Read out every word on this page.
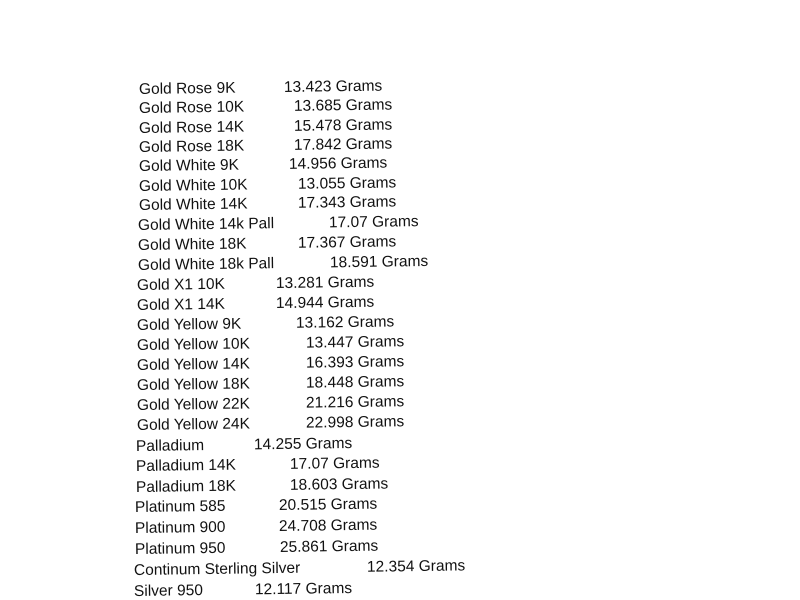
Gold Rose 9K	13.423 Grams
Gold Rose 10K	13.685 Grams
Gold Rose 14K	15.478 Grams
Gold Rose 18K	17.842 Grams
Gold White 9K	14.956 Grams
Gold White 10K	13.055 Grams
Gold White 14K	17.343 Grams
Gold White 14k Pall	17.07 Grams
Gold White 18K	17.367 Grams
Gold White 18k Pall	18.591 Grams
Gold X1 10K	13.281 Grams
Gold X1 14K	14.944 Grams
Gold Yellow 9K	13.162 Grams
Gold Yellow 10K	13.447 Grams
Gold Yellow 14K	16.393 Grams
Gold Yellow 18K	18.448 Grams
Gold Yellow 22K	21.216 Grams
Gold Yellow 24K	22.998 Grams
Palladium	14.255 Grams
Palladium 14K	17.07 Grams
Palladium 18K	18.603 Grams
Platinum 585	20.515 Grams
Platinum 900	24.708 Grams
Platinum 950	25.861 Grams
Continum Sterling Silver	12.354 Grams
Silver 950	12.117 Grams
